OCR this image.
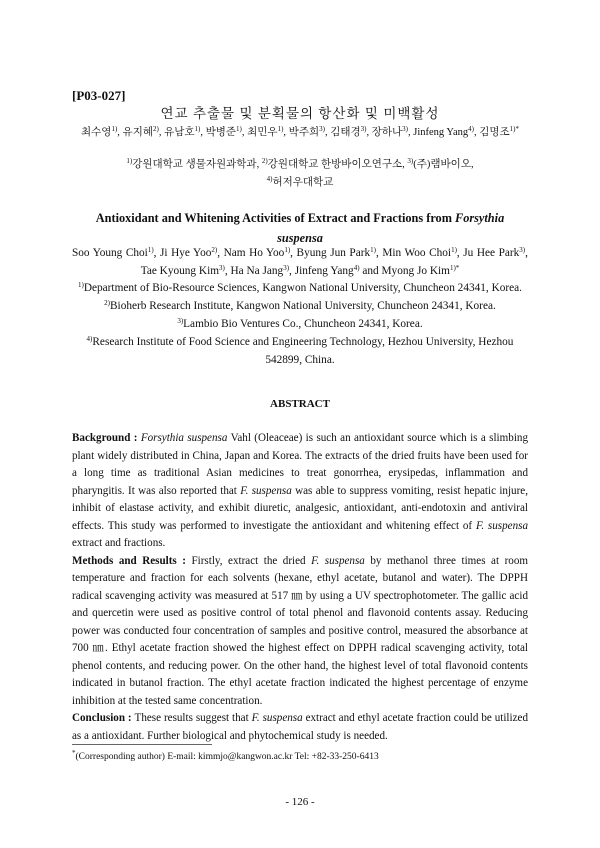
[P03-027]
연교 추출물 및 분획물의 항산화 및 미백활성
최수영$^{1)}$, 유지혜$^{2)}$, 유남호$^{1)}$, 박병준$^{1)}$, 최민우$^{1)}$, 박주희$^{3)}$, 김태경$^{3)}$, 장하나$^{3)}$, Jinfeng Yang$^{4)}$, 김명조$^{1)*}$
$^{1)}$강원대학교 생물자원과학과, $^{2)}$강원대학교 한방바이오연구소, $^{3)}$(주)램바이오,
$^{4)}$허저우대학교
Antioxidant and Whitening Activities of Extract and Fractions from Forsythia suspensa
Soo Young Choi$^{1)}$, Ji Hye Yoo$^{2)}$, Nam Ho Yoo$^{1)}$, Byung Jun Park$^{1)}$, Min Woo Choi$^{1)}$, Ju Hee Park$^{3)}$, Tae Kyoung Kim$^{3)}$, Ha Na Jang$^{3)}$, Jinfeng Yang$^{4)}$ and Myong Jo Kim$^{1)*}$
$^{1)}$Department of Bio-Resource Sciences, Kangwon National University, Chuncheon 24341, Korea.
$^{2)}$Bioherb Research Institute, Kangwon National University, Chuncheon 24341, Korea.
$^{3)}$Lambio Bio Ventures Co., Chuncheon 24341, Korea.
$^{4)}$Research Institute of Food Science and Engineering Technology, Hezhou University, Hezhou 542899, China.
ABSTRACT

Background : Forsythia suspensa Vahl (Oleaceae) is such an antioxidant source which is a slimbing plant widely distributed in China, Japan and Korea. The extracts of the dried fruits have been used for a long time as traditional Asian medicines to treat gonorrhea, erysipedas, inflammation and pharyngitis. It was also reported that F. suspensa was able to suppress vomiting, resist hepatic injure, inhibit of elastase activity, and exhibit diuretic, analgesic, antioxidant, anti-endotoxin and antiviral effects. This study was performed to investigate the antioxidant and whitening effect of F. suspensa extract and fractions.

Methods and Results : Firstly, extract the dried F. suspensa by methanol three times at room temperature and fraction for each solvents (hexane, ethyl acetate, butanol and water). The DPPH radical scavenging activity was measured at 517 ㎚ by using a UV spectrophotometer. The gallic acid and quercetin were used as positive control of total phenol and flavonoid contents assay. Reducing power was conducted four concentration of samples and positive control, measured the absorbance at 700 ㎚. Ethyl acetate fraction showed the highest effect on DPPH radical scavenging activity, total phenol contents, and reducing power. On the other hand, the highest level of total flavonoid contents indicated in butanol fraction. The ethyl acetate fraction indicated the highest percentage of enzyme inhibition at the tested same concentration.

Conclusion : These results suggest that F. suspensa extract and ethyl acetate fraction could be utilized as a antioxidant. Further biological and phytochemical study is needed.

*(Corresponding author) E-mail: kimmjo@kangwon.ac.kr Tel: +82-33-250-6413
- 126 -
